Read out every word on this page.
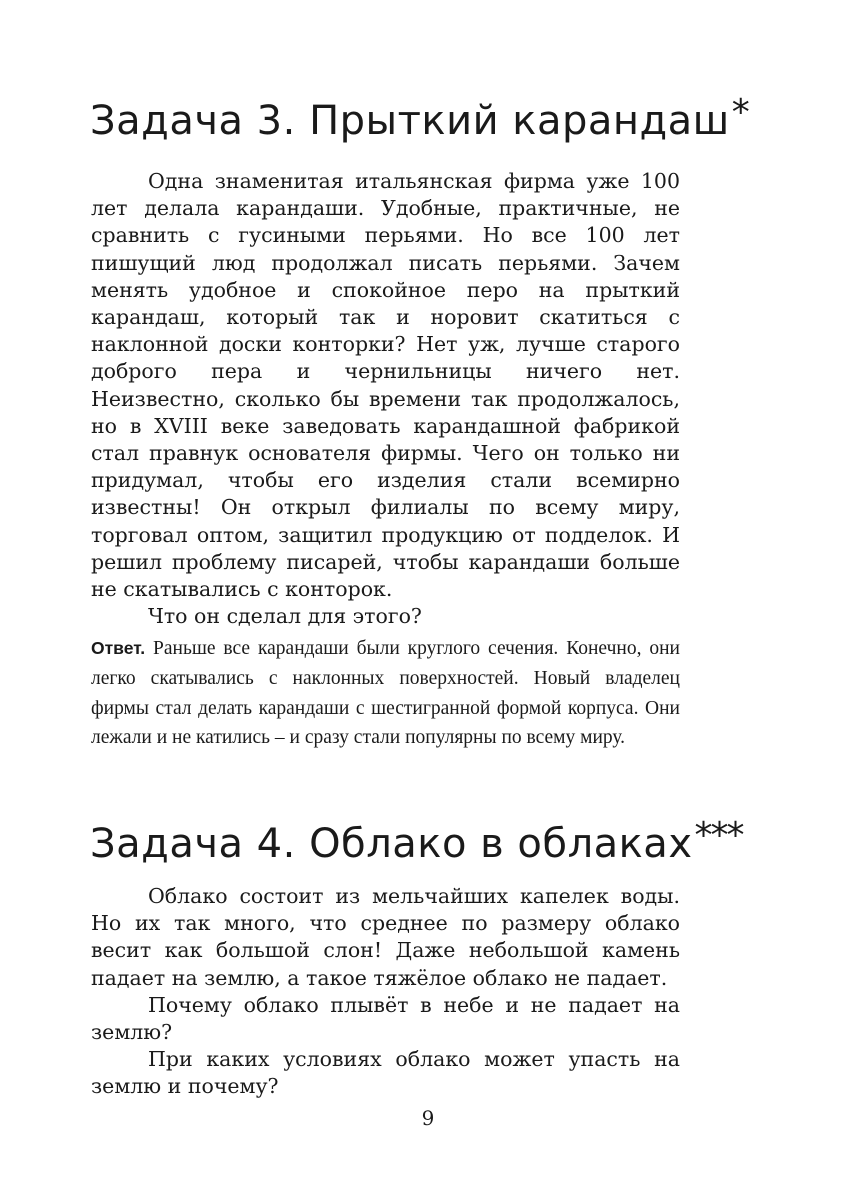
Задача 3. Прыткий карандаш*

Одна знаменитая итальянская фирма уже 100 лет делала карандаши. Удобные, практичные, не сравнить с гусиными перьями. Но все 100 лет пишущий люд продолжал писать перьями. Зачем менять удобное и спокойное перо на прыткий карандаш, который так и норовит скатиться с наклонной доски конторки? Нет уж, лучше старого доброго пера и чернильницы ничего нет. Неизвестно, сколько бы времени так продолжалось, но в XVIII веке заведовать карандашной фабрикой стал правнук основателя фирмы. Чего он только ни придумал, чтобы его изделия стали всемирно известны! Он открыл филиалы по всему миру, торговал оптом, защитил продукцию от подделок. И решил проблему писарей, чтобы карандаши больше не скатывались с конторок.

Что он сделал для этого?

Ответ. Раньше все карандаши были круглого сечения. Конечно, они легко скатывались с наклонных поверхностей. Новый владелец фирмы стал делать карандаши с шестигранной формой корпуса. Они лежали и не катились – и сразу стали популярны по всему миру.

Задача 4. Облако в облаках***

Облако состоит из мельчайших капелек воды. Но их так много, что среднее по размеру облако весит как большой слон! Даже небольшой камень падает на землю, а такое тяжёлое облако не падает.

Почему облако плывёт в небе и не падает на землю?

При каких условиях облако может упасть на землю и почему?

9
